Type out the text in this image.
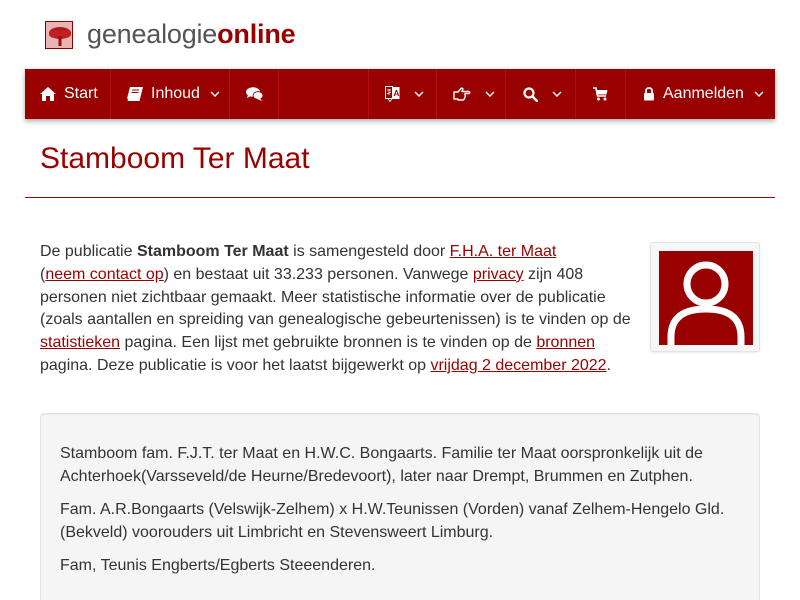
genealogieonline
Start	Inhoud	A	Aanmelden
Stamboom Ter Maat
De publicatie Stamboom Ter Maat is samengesteld door F.H.A. ter Maat
(neem contact op) en bestaat uit 33.233 personen. Vanwege privacy zijn 408 personen niet zichtbaar gemaakt. Meer statistische informatie over de publicatie (zoals aantallen en spreiding van genealogische gebeurtenissen) is te vinden op de statistieken pagina. Een lijst met gebruikte bronnen is te vinden op de bronnen pagina. Deze publicatie is voor het laatst bijgewerkt op vrijdag 2 december 2022.

Stamboom fam. F.J.T. ter Maat en H.W.C. Bongaarts. Familie ter Maat oorspronkelijk uit de Achterhoek(Varsseveld/de Heurne/Bredevoort), later naar Drempt, Brummen en Zutphen.

Fam. A.R.Bongaarts (Velswijk-Zelhem) x H.W.Teunissen (Vorden) vanaf Zelhem-Hengelo Gld. (Bekveld) voorouders uit Limbricht en Stevensweert Limburg.

Fam, Teunis Engberts/Egberts Steeenderen.
